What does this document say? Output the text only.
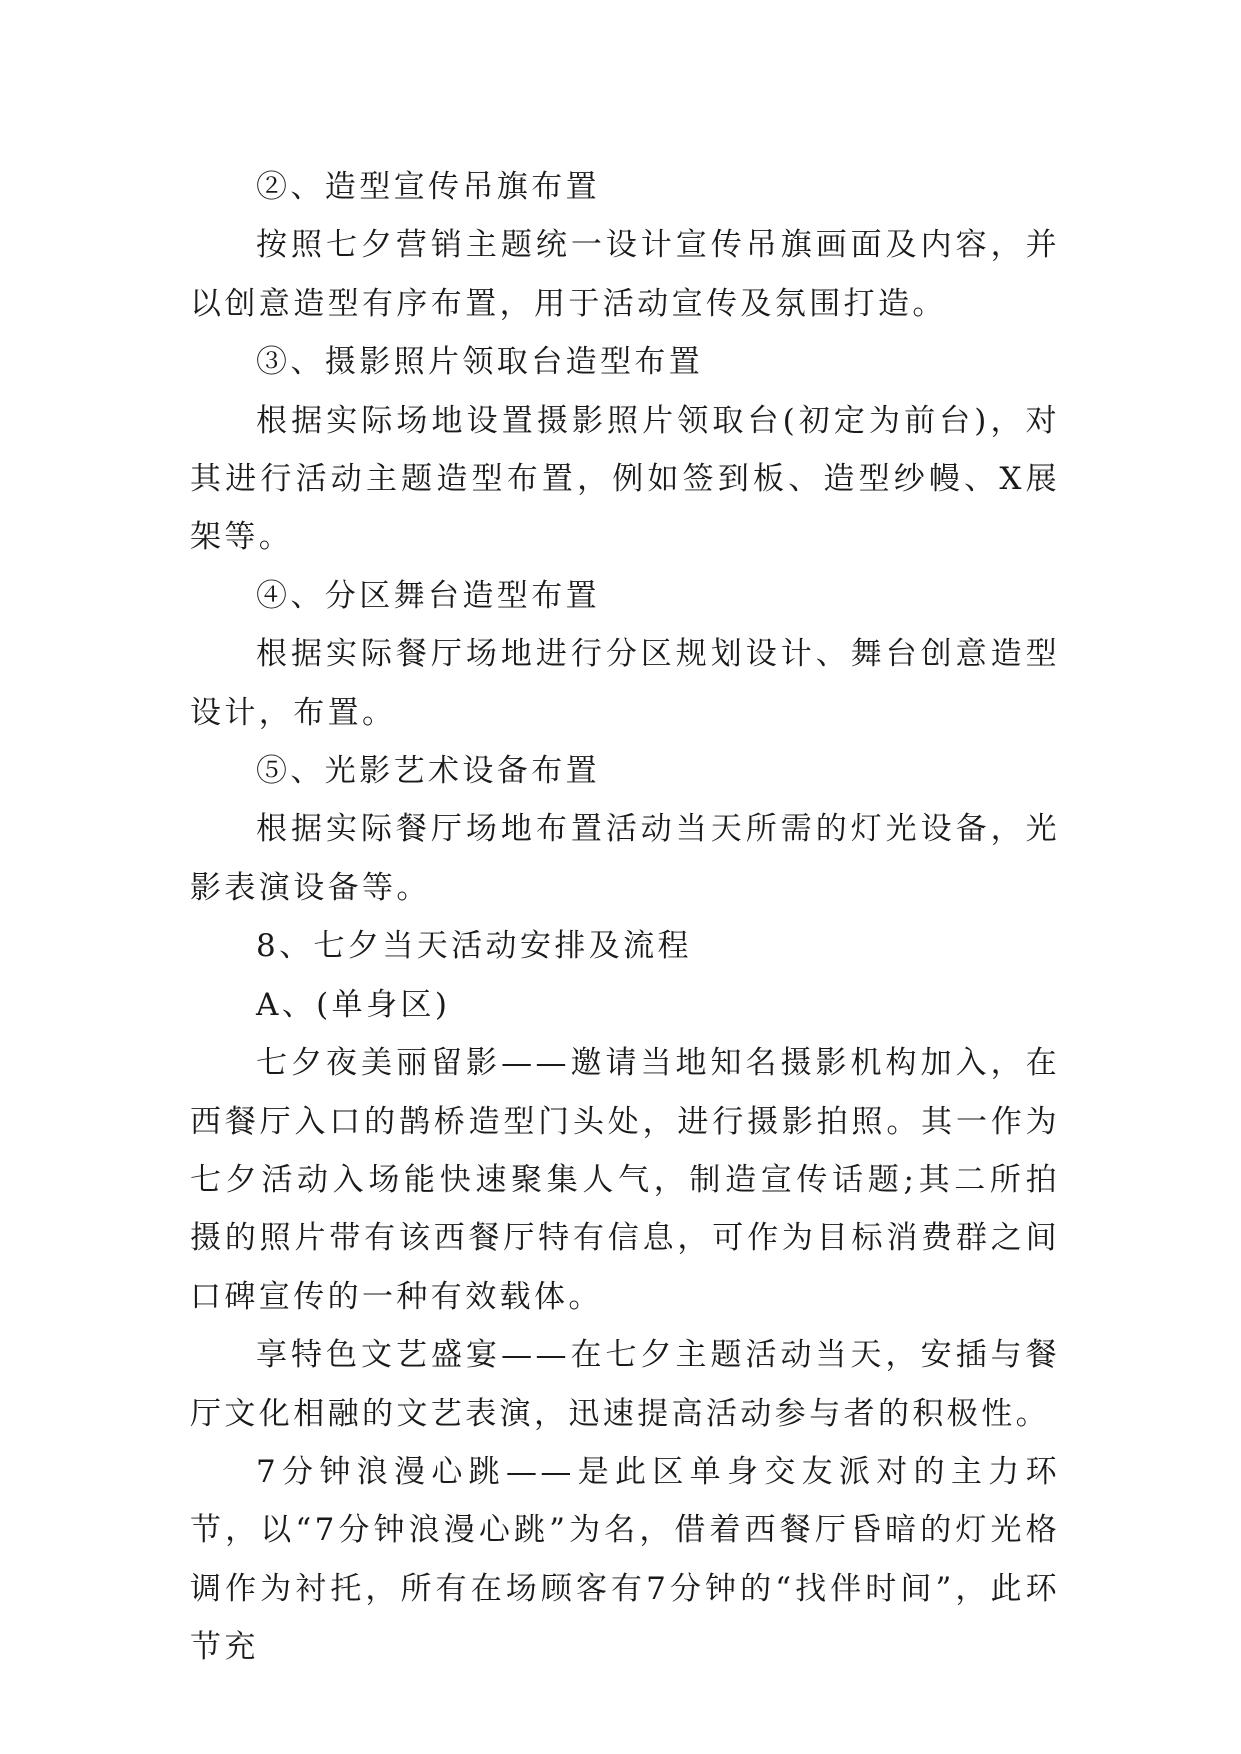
②、造型宣传吊旗布置

按照七夕营销主题统一设计宣传吊旗画面及内容，并以创意造型有序布置，用于活动宣传及氛围打造。

③、摄影照片领取台造型布置

根据实际场地设置摄影照片领取台(初定为前台)，对其进行活动主题造型布置，例如签到板、造型纱幔、X展架等。

④、分区舞台造型布置

根据实际餐厅场地进行分区规划设计、舞台创意造型设计，布置。

⑤、光影艺术设备布置

根据实际餐厅场地布置活动当天所需的灯光设备，光影表演设备等。

8、七夕当天活动安排及流程

A、(单身区)

七夕夜美丽留影——邀请当地知名摄影机构加入，在西餐厅入口的鹊桥造型门头处，进行摄影拍照。其一作为七夕活动入场能快速聚集人气，制造宣传话题;其二所拍摄的照片带有该西餐厅特有信息，可作为目标消费群之间口碑宣传的一种有效载体。

享特色文艺盛宴——在七夕主题活动当天，安插与餐厅文化相融的文艺表演，迅速提高活动参与者的积极性。

7分钟浪漫心跳——是此区单身交友派对的主力环节，以“7分钟浪漫心跳”为名，借着西餐厅昏暗的灯光格调作为衬托，所有在场顾客有7分钟的“找伴时间”，此环节充
